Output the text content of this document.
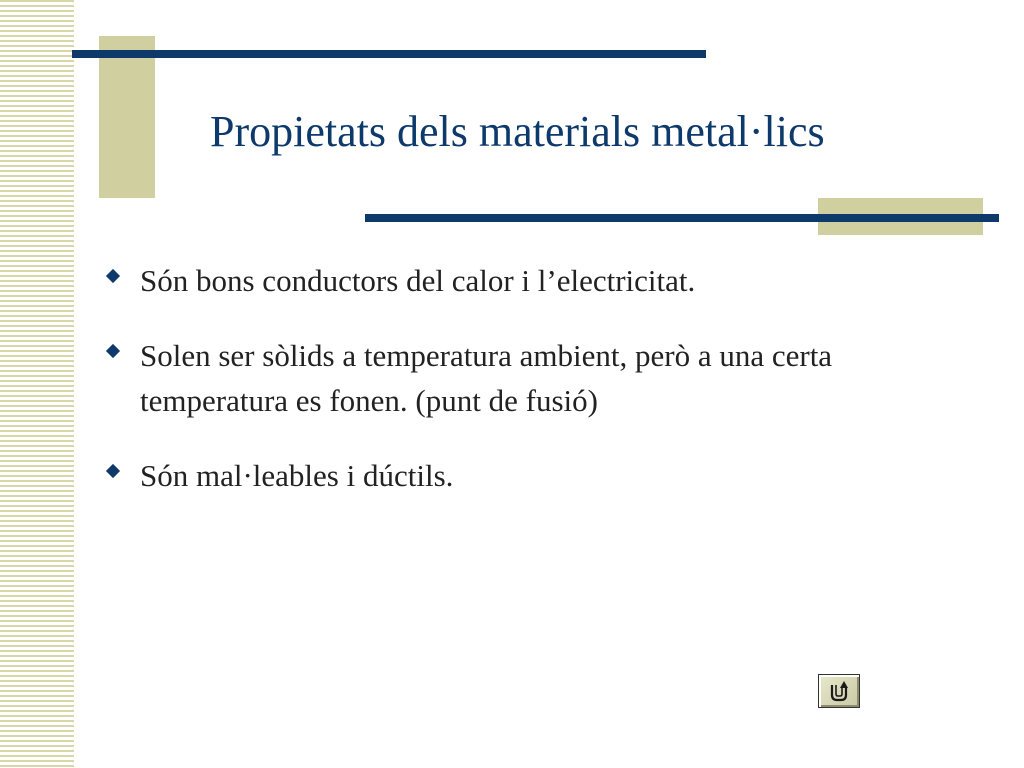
Propietats dels materials metal·lics
Són bons conductors del calor i l’electricitat.
Solen ser sòlids a temperatura ambient, però a una certa temperatura es fonen. (punt de fusió)
Són mal·leables i dúctils.
